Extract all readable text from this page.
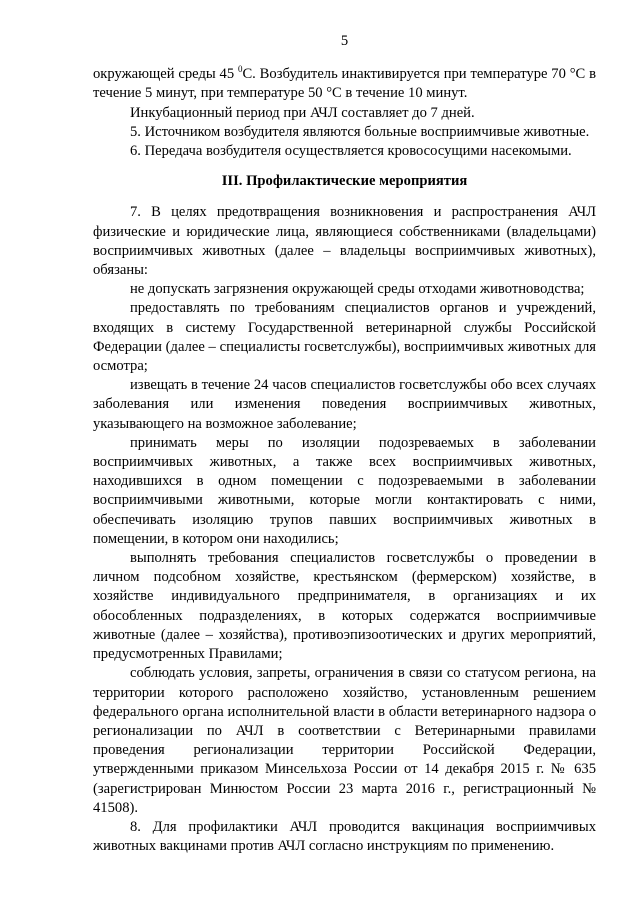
5

окружающей среды 45 $^0$С. Возбудитель инактивируется при температуре 70 °С в течение 5 минут, при температуре 50 °С в течение 10 минут.

Инкубационный период при АЧЛ составляет до 7 дней.

5. Источником возбудителя являются больные восприимчивые животные.

6. Передача возбудителя осуществляется кровососущими насекомыми.

III. Профилактические мероприятия

7. В целях предотвращения возникновения и распространения АЧЛ физические и юридические лица, являющиеся собственниками (владельцами) восприимчивых животных (далее – владельцы восприимчивых животных), обязаны:

не допускать загрязнения окружающей среды отходами животноводства;

предоставлять по требованиям специалистов органов и учреждений, входящих в систему Государственной ветеринарной службы Российской Федерации (далее – специалисты госветслужбы), восприимчивых животных для осмотра;

извещать в течение 24 часов специалистов госветслужбы обо всех случаях заболевания или изменения поведения восприимчивых животных, указывающего на возможное заболевание;

принимать меры по изоляции подозреваемых в заболевании восприимчивых животных, а также всех восприимчивых животных, находившихся в одном помещении с подозреваемыми в заболевании восприимчивыми животными, которые могли контактировать с ними, обеспечивать изоляцию трупов павших восприимчивых животных в помещении, в котором они находились;

выполнять требования специалистов госветслужбы о проведении в личном подсобном хозяйстве, крестьянском (фермерском) хозяйстве, в хозяйстве индивидуального предпринимателя, в организациях и их обособленных подразделениях, в которых содержатся восприимчивые животные (далее – хозяйства), противоэпизоотических и других мероприятий, предусмотренных Правилами;

соблюдать условия, запреты, ограничения в связи со статусом региона, на территории которого расположено хозяйство, установленным решением федерального органа исполнительной власти в области ветеринарного надзора о регионализации по АЧЛ в соответствии с Ветеринарными правилами проведения регионализации территории Российской Федерации, утвержденными приказом Минсельхоза России от 14 декабря 2015 г. № 635 (зарегистрирован Минюстом России 23 марта 2016 г., регистрационный № 41508).

8. Для профилактики АЧЛ проводится вакцинация восприимчивых животных вакцинами против АЧЛ согласно инструкциям по применению.
